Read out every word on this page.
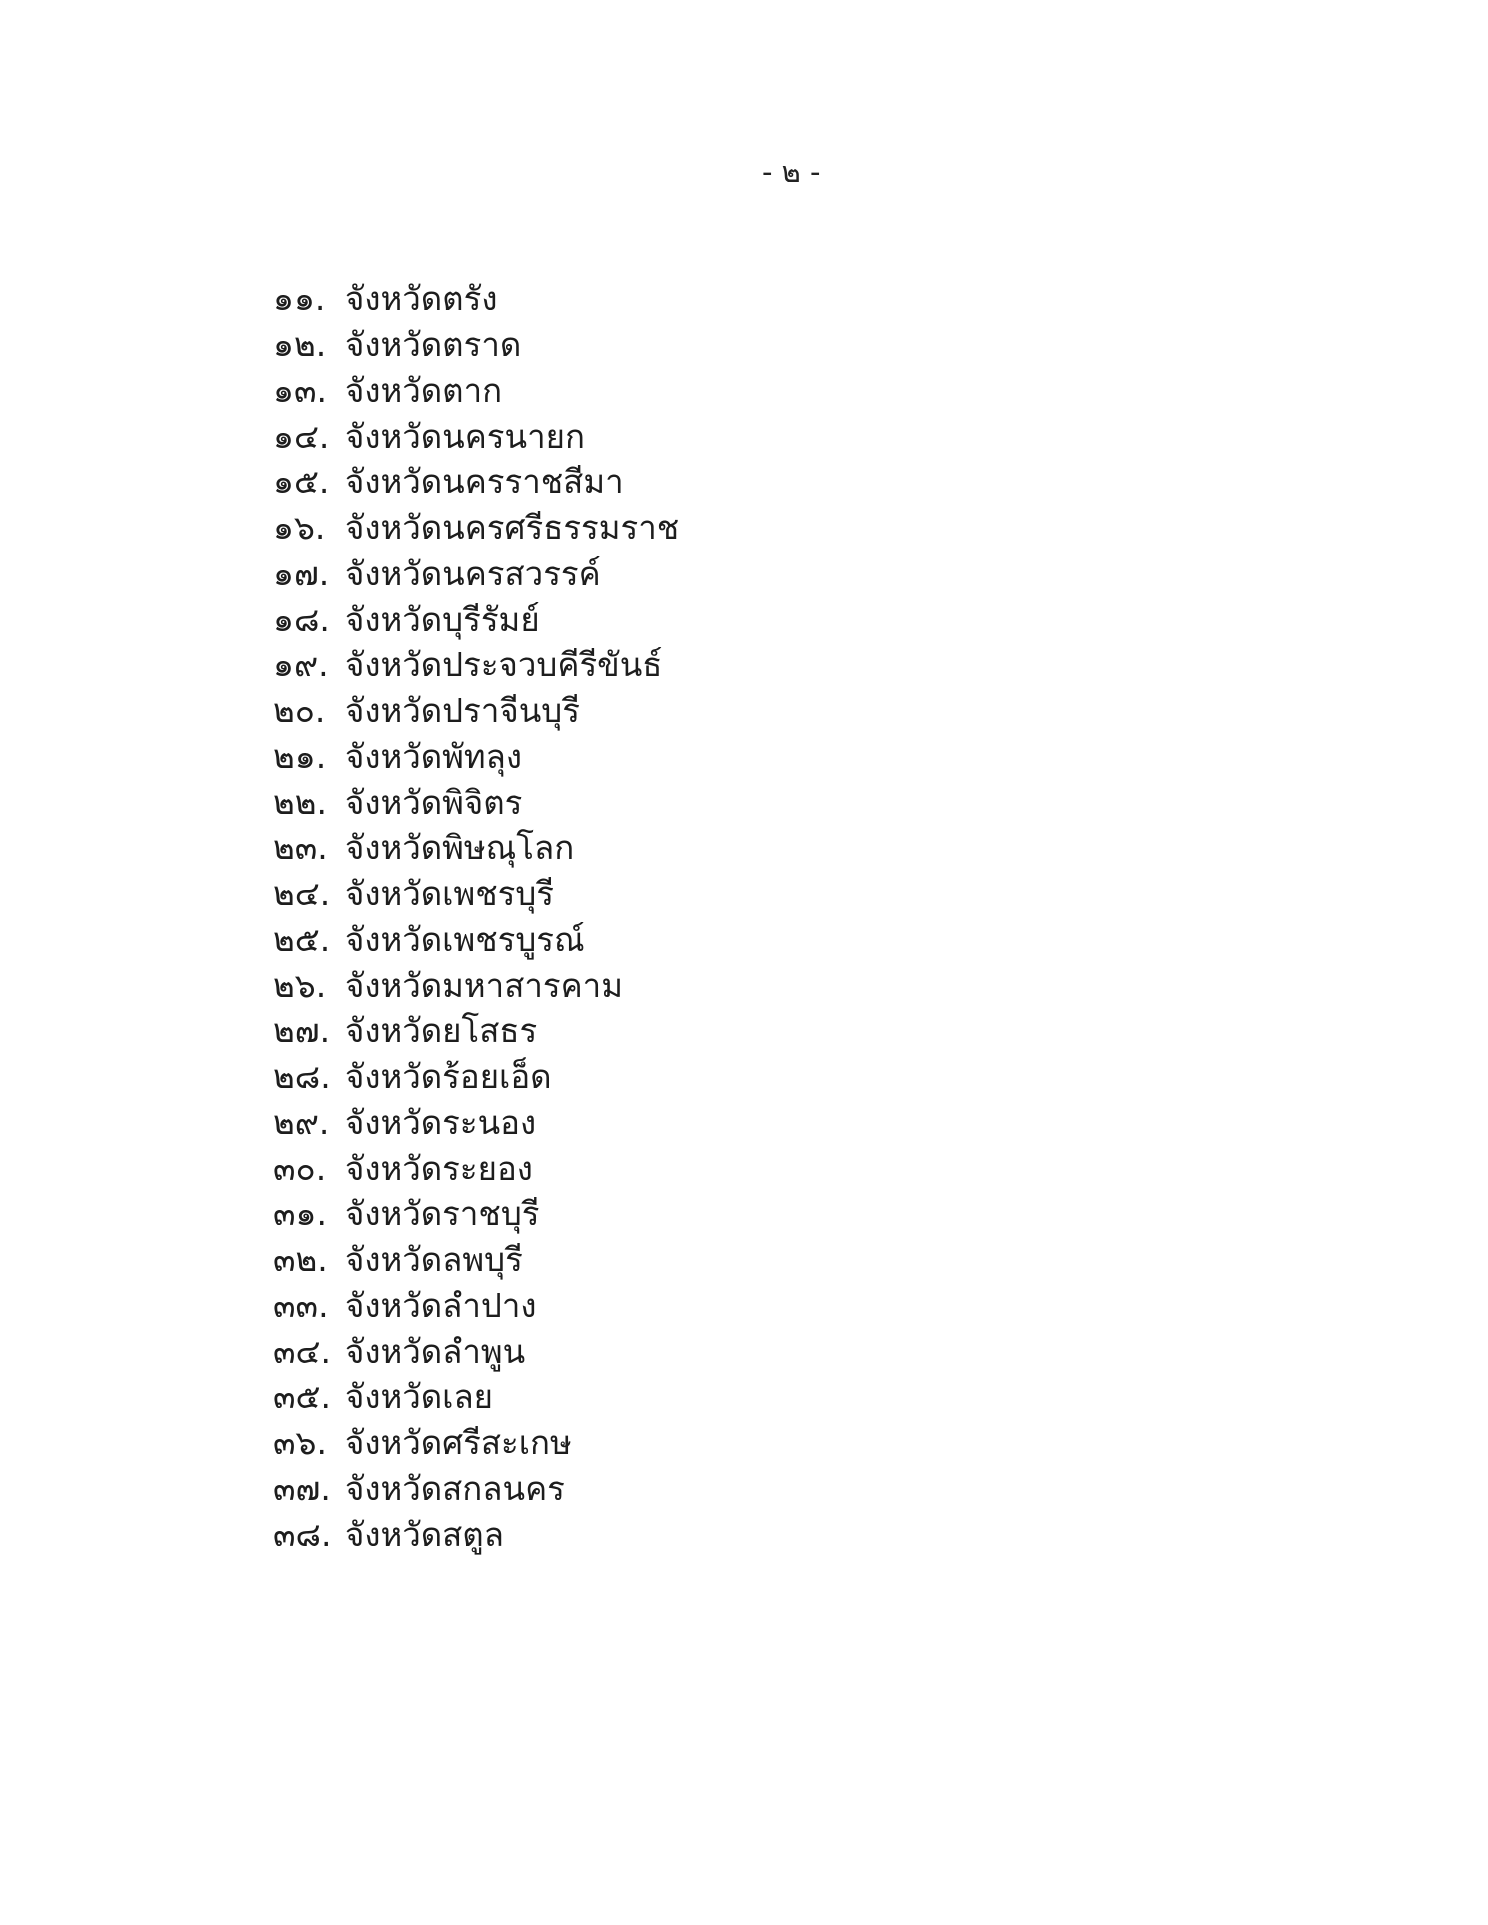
- ๒ -
๑๑. จังหวัดตรัง
๑๒. จังหวัดตราด
๑๓. จังหวัดตาก
๑๔. จังหวัดนครนายก
๑๕. จังหวัดนครราชสีมา
๑๖. จังหวัดนครศรีธรรมราช
๑๗. จังหวัดนครสวรรค์
๑๘. จังหวัดบุรีรัมย์
๑๙. จังหวัดประจวบคีรีขันธ์
๒๐. จังหวัดปราจีนบุรี
๒๑. จังหวัดพัทลุง
๒๒. จังหวัดพิจิตร
๒๓. จังหวัดพิษณุโลก
๒๔. จังหวัดเพชรบุรี
๒๕. จังหวัดเพชรบูรณ์
๒๖. จังหวัดมหาสารคาม
๒๗. จังหวัดยโสธร
๒๘. จังหวัดร้อยเอ็ด
๒๙. จังหวัดระนอง
๓๐. จังหวัดระยอง
๓๑. จังหวัดราชบุรี
๓๒. จังหวัดลพบุรี
๓๓. จังหวัดลำปาง
๓๔. จังหวัดลำพูน
๓๕. จังหวัดเลย
๓๖. จังหวัดศรีสะเกษ
๓๗. จังหวัดสกลนคร
๓๘. จังหวัดสตูล
